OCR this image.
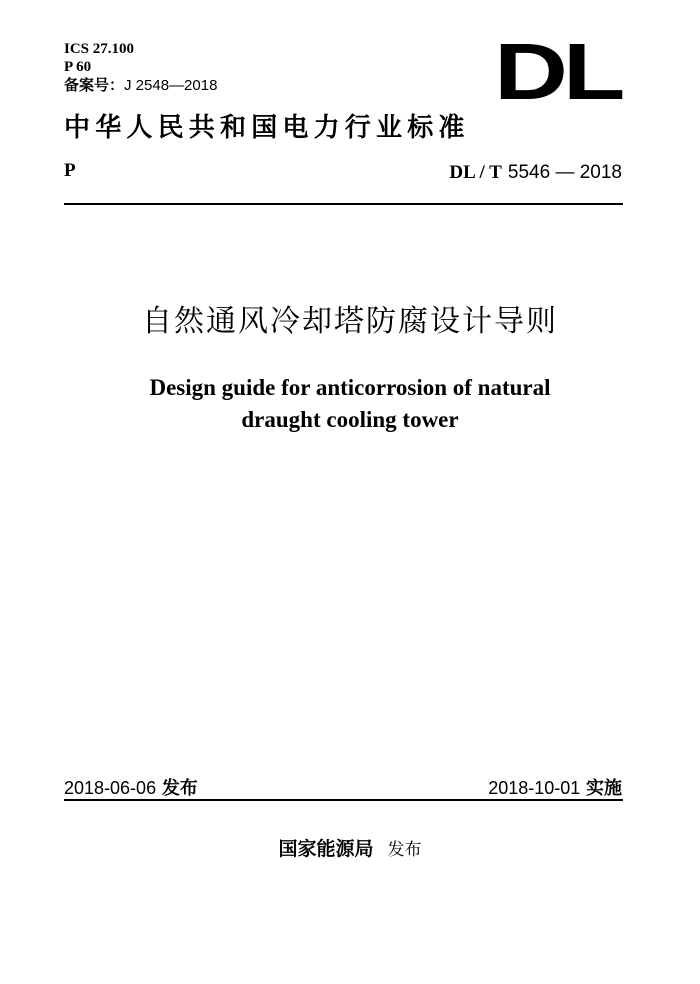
ICS 27.100
P 60
备案号：J 2548—2018	DL
中华人民共和国电力行业标准
P	DL / T 5546 — 2018
自然通风冷却塔防腐设计导则
Design guide for anticorrosion of natural
draught cooling tower
2018-06-06 发布	2018-10-01 实施
国家能源局 发布
